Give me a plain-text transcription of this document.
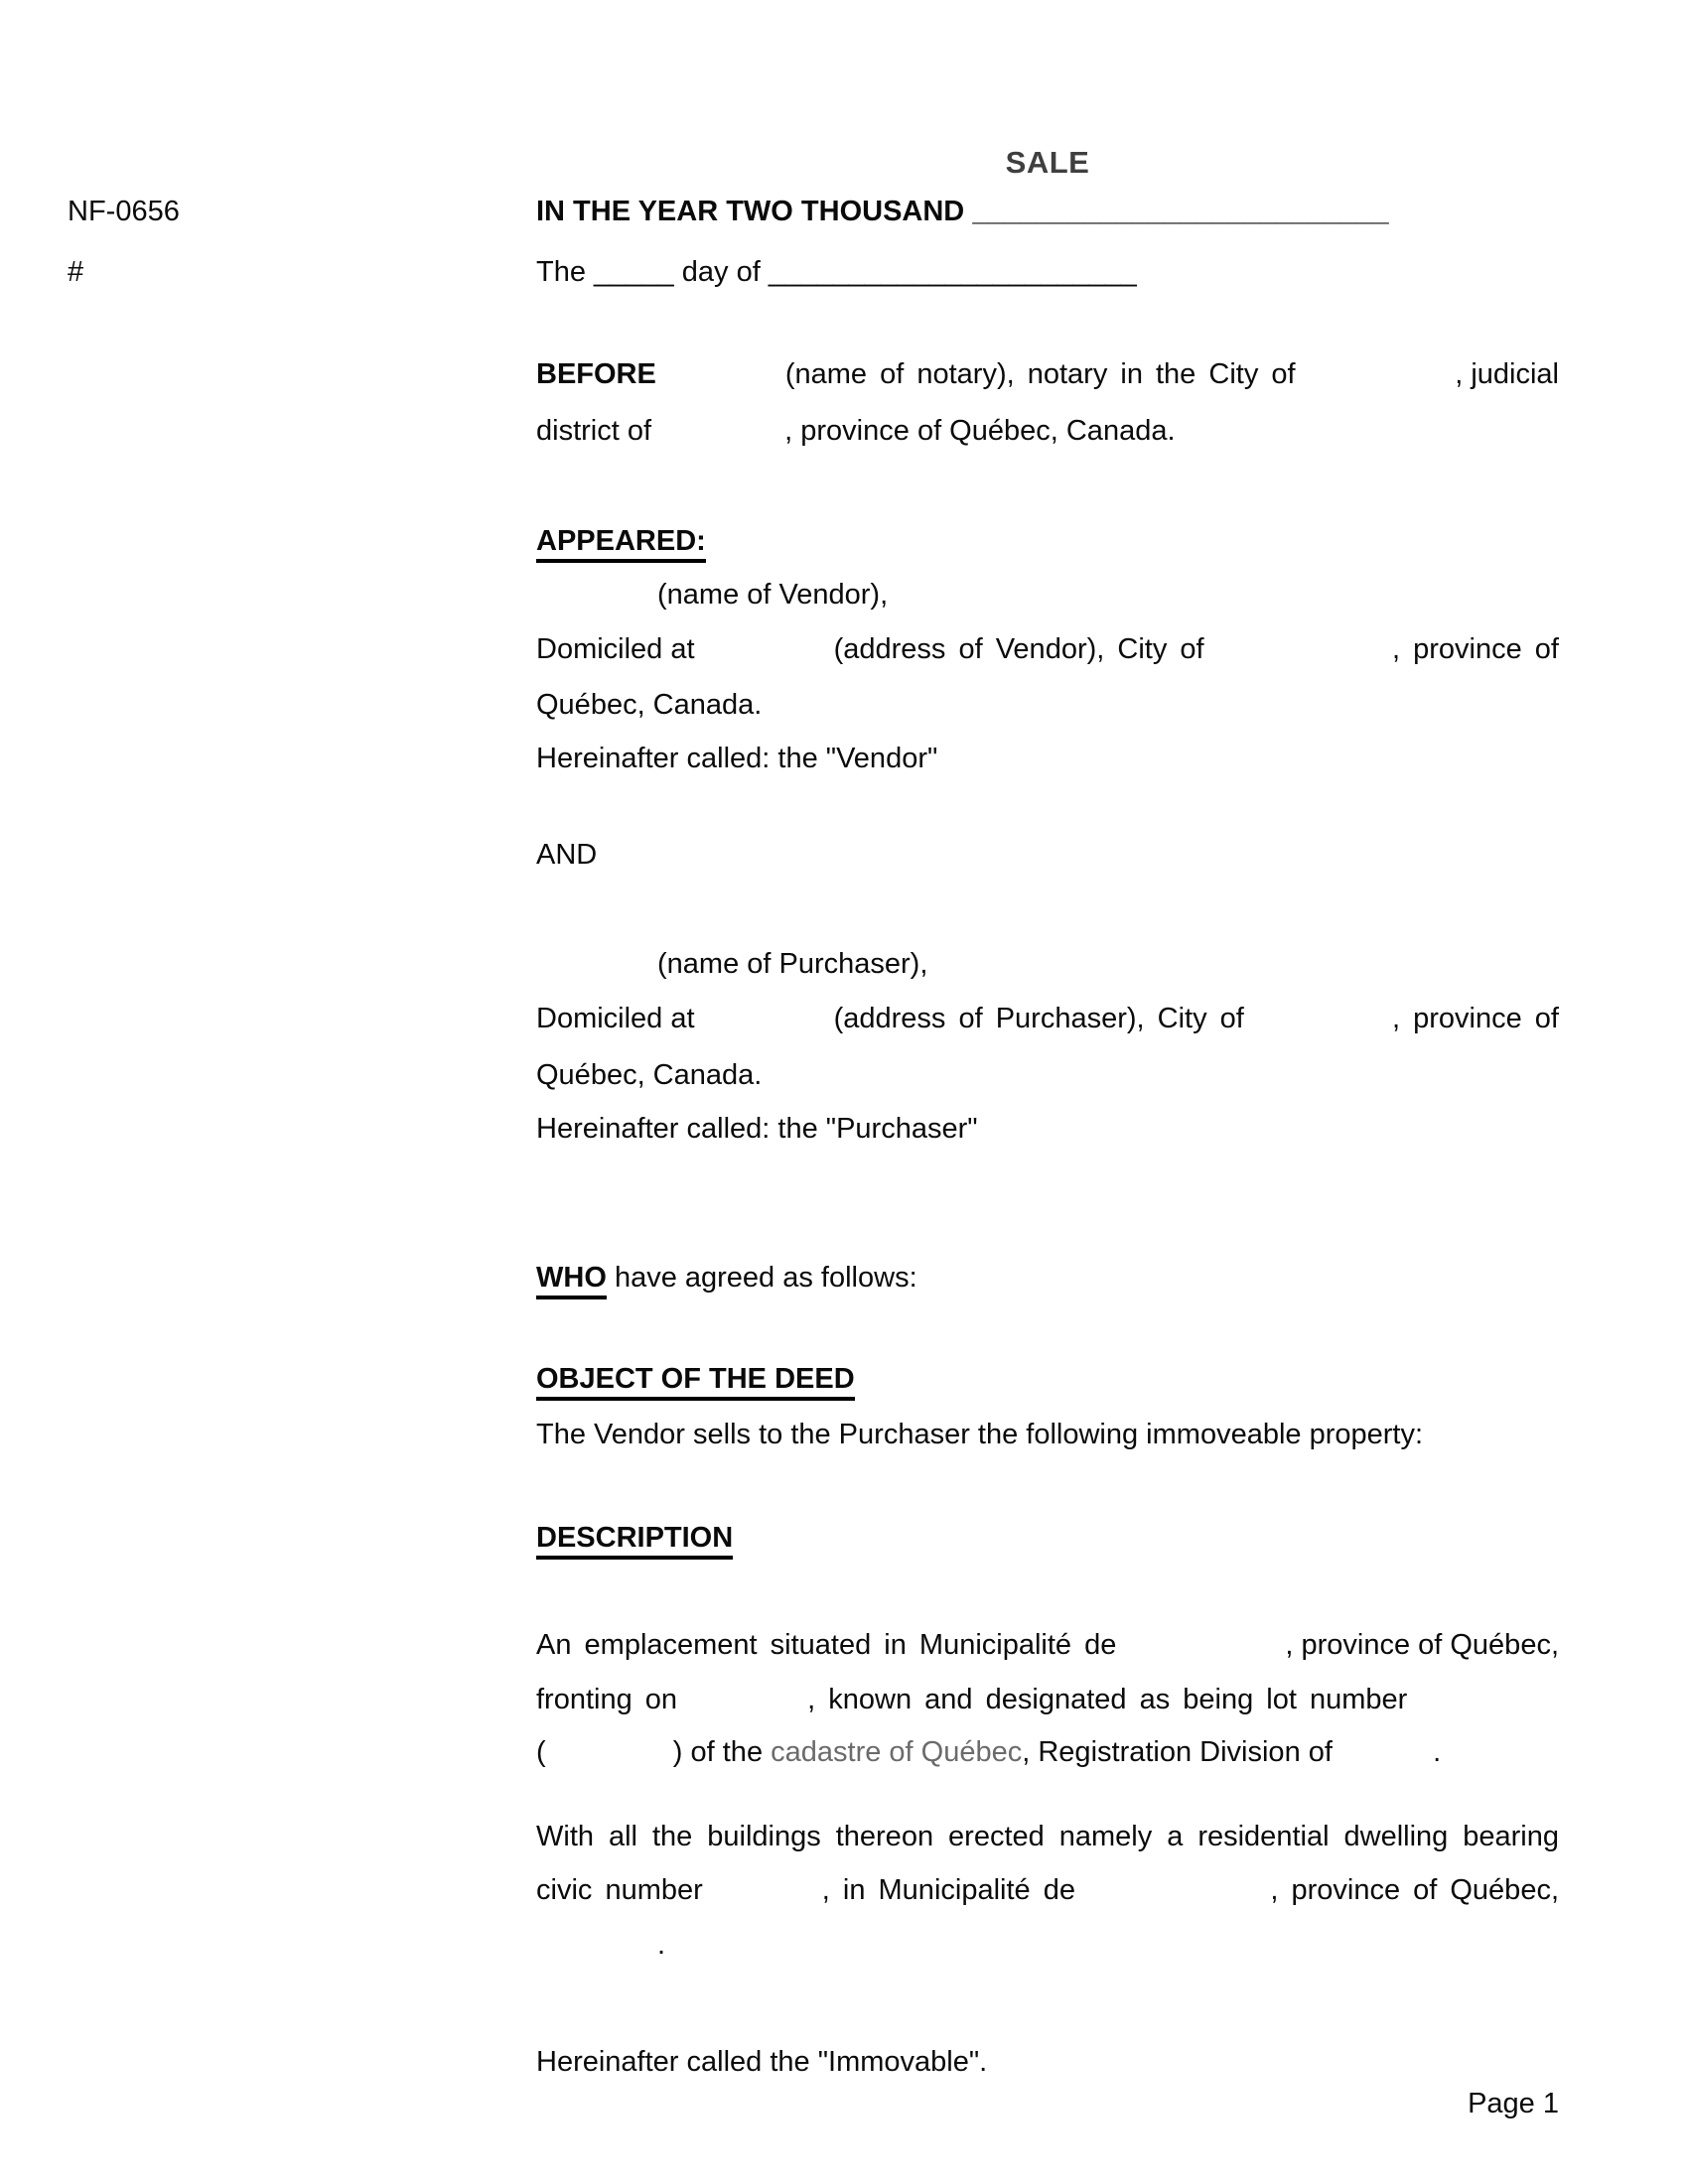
SALE
NF-0656	IN THE YEAR TWO THOUSAND __________________________
#	The _____ day of _______________________
BEFORE	(name of notary), notary in the City of	, judicial
district of	, province of Québec, Canada.
APPEARED:
(name of Vendor),
Domiciled at	(address of Vendor), City of	, province of
Québec, Canada.
Hereinafter called: the "Vendor"
AND
(name of Purchaser),
Domiciled at	(address of Purchaser), City of	, province of
Québec, Canada.
Hereinafter called: the "Purchaser"
WHO have agreed as follows:
OBJECT OF THE DEED
The Vendor sells to the Purchaser the following immoveable property:
DESCRIPTION
An emplacement situated in Municipalité de	, province of Québec,
fronting on	, known and designated as being lot number
(	) of the cadastre of Québec, Registration Division of	.
With all the buildings thereon erected namely a residential dwelling bearing
civic number	, in Municipalité de	, province of Québec,
.
Hereinafter called the "Immovable".
Page 1
